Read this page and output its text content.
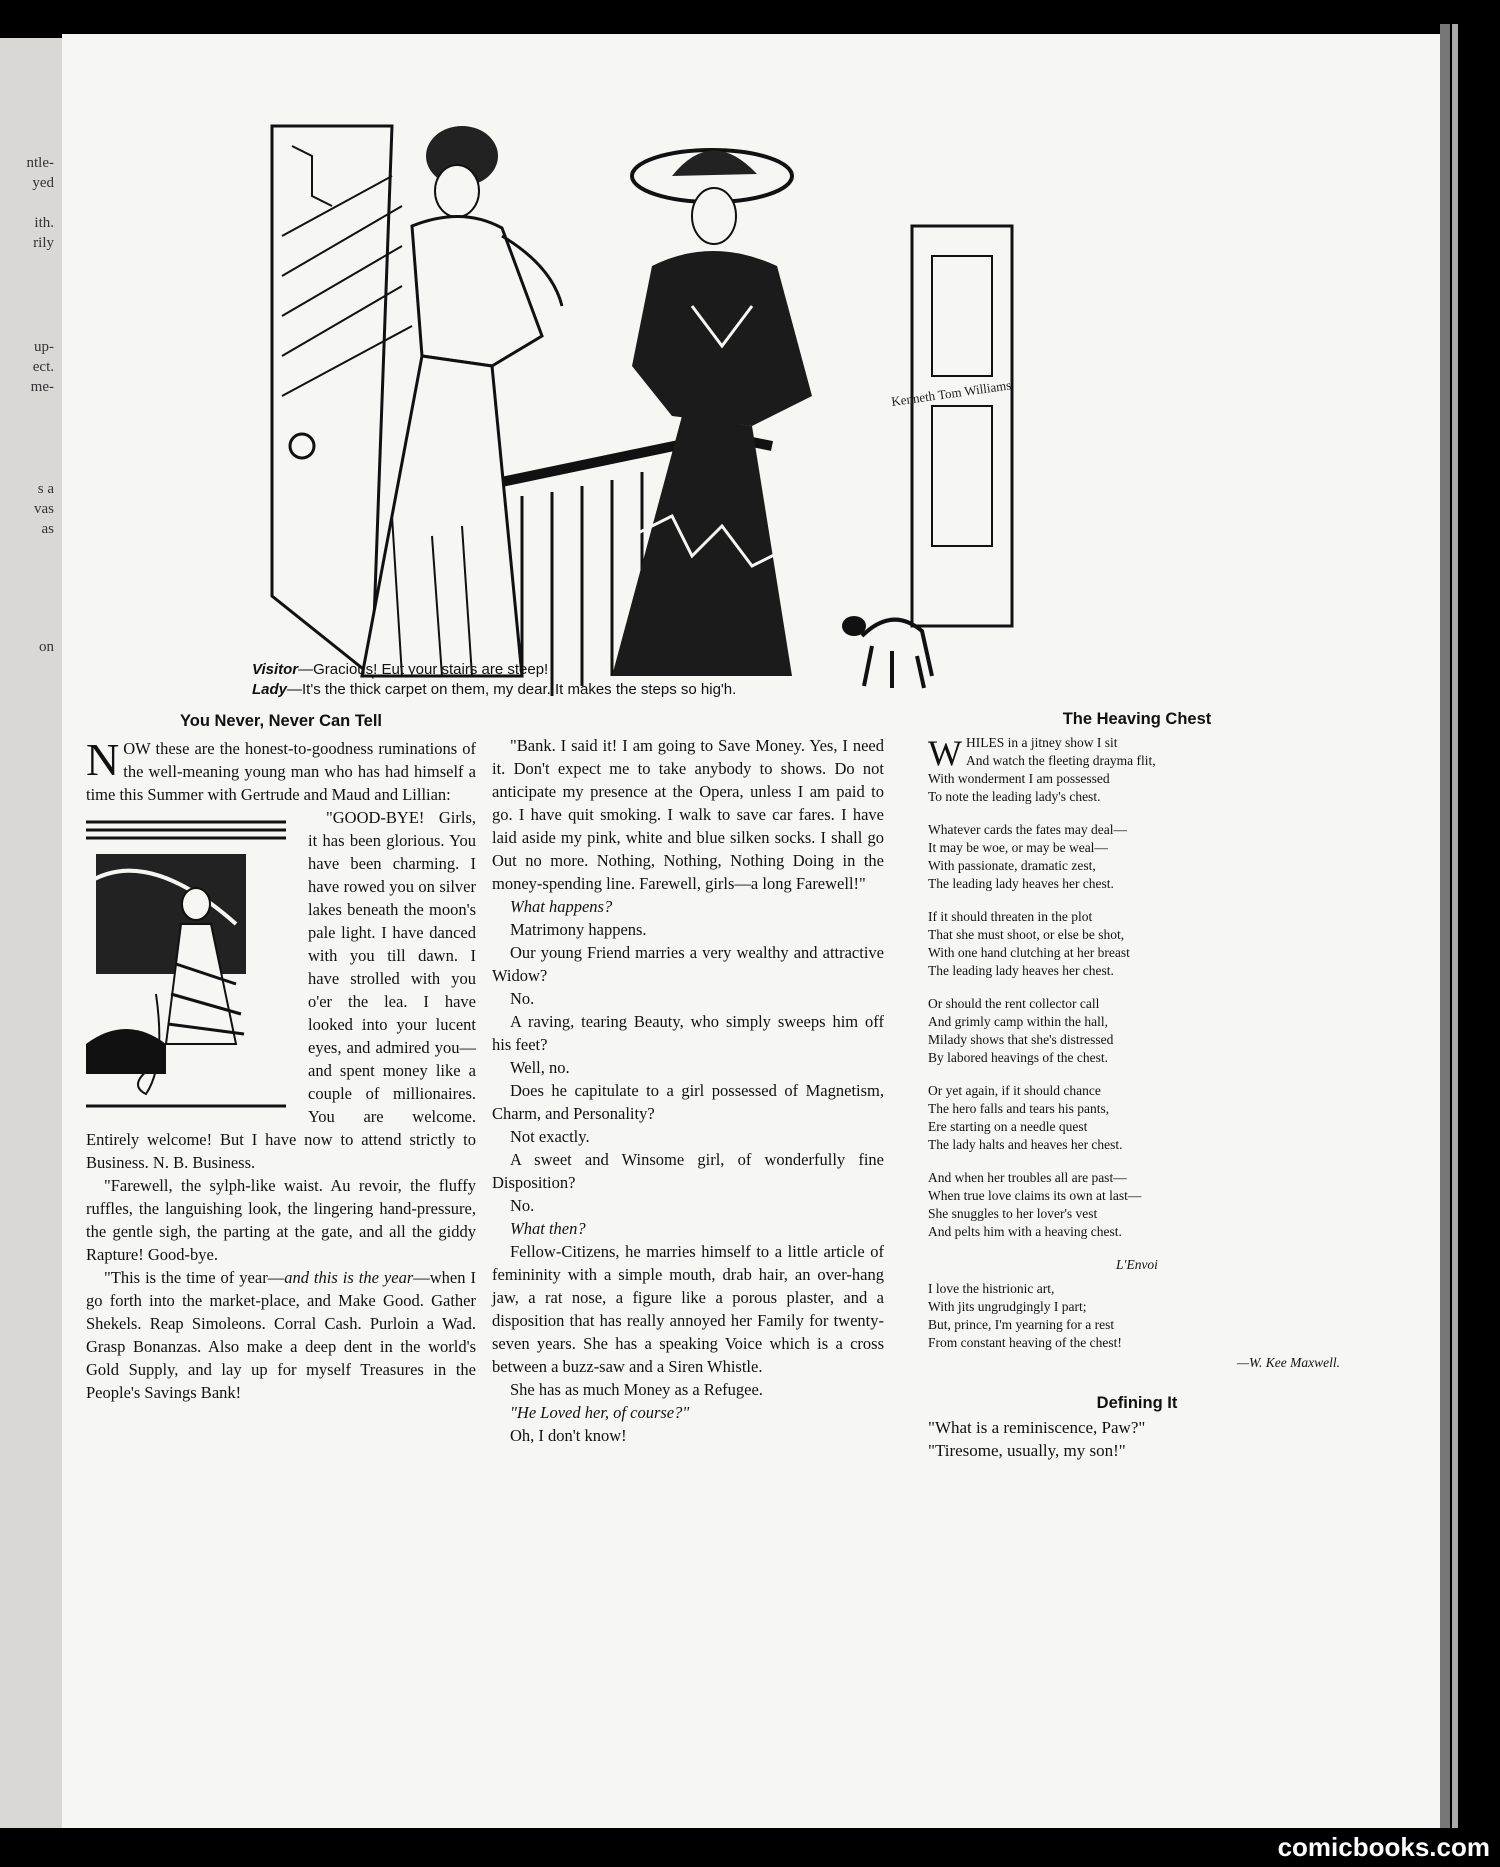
ntle-
yed
ith.
rily
up-
ect.
me-
s a
vas
as
on
Kenneth Tom Williams
Visitor—Gracious! Eut your stairs are steep!
Lady—It's the thick carpet on them, my dear. It makes the steps so hig'h.
You Never, Never Can Tell

NOW these are the honest-to-goodness ruminations of the well-meaning young man who has had himself a time this Summer with Gertrude and Maud and Lillian:

"GOOD-BYE! Girls, it has been glorious. You have been charming. I have rowed you on silver lakes beneath the moon's pale light. I have danced with you till dawn. I have strolled with you o'er the lea. I have looked into your lucent eyes, and admired you—and spent money like a couple of millionaires. You are welcome. Entirely welcome! But I have now to attend strictly to Business. N. B. Business.

"Farewell, the sylph-like waist. Au revoir, the fluffy ruffles, the languishing look, the lingering hand-pressure, the gentle sigh, the parting at the gate, and all the giddy Rapture! Good-bye.

"This is the time of year—and this is the year—when I go forth into the market-place, and Make Good. Gather Shekels. Reap Simoleons. Corral Cash. Purloin a Wad. Grasp Bonanzas. Also make a deep dent in the world's Gold Supply, and lay up for myself Treasures in the People's Savings Bank!

"Bank. I said it! I am going to Save Money. Yes, I need it. Don't expect me to take anybody to shows. Do not anticipate my presence at the Opera, unless I am paid to go. I have quit smoking. I walk to save car fares. I have laid aside my pink, white and blue silken socks. I shall go Out no more. Nothing, Nothing, Nothing Doing in the money-spending line. Farewell, girls—a long Farewell!"

What happens?

Matrimony happens.

Our young Friend marries a very wealthy and attractive Widow?

No.

A raving, tearing Beauty, who simply sweeps him off his feet?

Well, no.

Does he capitulate to a girl possessed of Magnetism, Charm, and Personality?

Not exactly.

A sweet and Winsome girl, of wonderfully fine Disposition?

No.

What then?

Fellow-Citizens, he marries himself to a little article of femininity with a simple mouth, drab hair, an over-hang jaw, a rat nose, a figure like a porous plaster, and a disposition that has really annoyed her Family for twenty-seven years. She has a speaking Voice which is a cross between a buzz-saw and a Siren Whistle.

She has as much Money as a Refugee.

"He Loved her, of course?"

Oh, I don't know!

The Heaving Chest
WHILES in a jitney show I sit
And watch the fleeting drayma flit,
With wonderment I am possessed
To note the leading lady's chest.
Whatever cards the fates may deal—
It may be woe, or may be weal—
With passionate, dramatic zest,
The leading lady heaves her chest.
If it should threaten in the plot
That she must shoot, or else be shot,
With one hand clutching at her breast
The leading lady heaves her chest.
Or should the rent collector call
And grimly camp within the hall,
Milady shows that she's distressed
By labored heavings of the chest.
Or yet again, if it should chance
The hero falls and tears his pants,
Ere starting on a needle quest
The lady halts and heaves her chest.
And when her troubles all are past—
When true love claims its own at last—
She snuggles to her lover's vest
And pelts him with a heaving chest.
L'Envoi
I love the histrionic art,
With jits ungrudgingly I part;
But, prince, I'm yearning for a rest
From constant heaving of the chest!
—W. Kee Maxwell.
Defining It
"What is a reminiscence, Paw?"
"Tiresome, usually, my son!"
comicbooks.com
